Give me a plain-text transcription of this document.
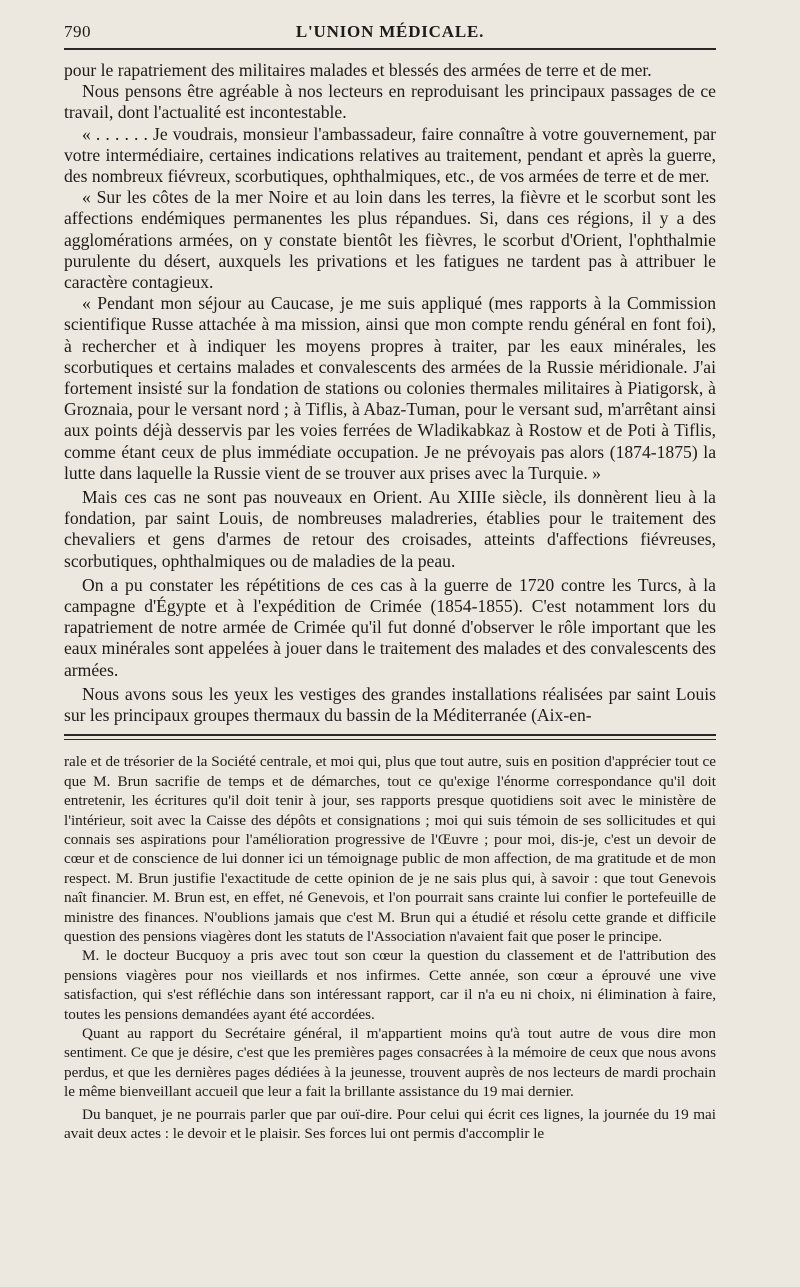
790	L'UNION MÉDICALE.

pour le rapatriement des militaires malades et blessés des armées de terre et de mer.

Nous pensons être agréable à nos lecteurs en reproduisant les principaux passages de ce travail, dont l'actualité est incontestable.

« . . . . . . Je voudrais, monsieur l'ambassadeur, faire connaître à votre gouvernement, par votre intermédiaire, certaines indications relatives au traitement, pendant et après la guerre, des nombreux fiévreux, scorbutiques, ophthalmiques, etc., de vos armées de terre et de mer.

« Sur les côtes de la mer Noire et au loin dans les terres, la fièvre et le scorbut sont les affections endémiques permanentes les plus répandues. Si, dans ces régions, il y a des agglomérations armées, on y constate bientôt les fièvres, le scorbut d'Orient, l'ophthalmie purulente du désert, auxquels les privations et les fatigues ne tardent pas à attribuer le caractère contagieux.

« Pendant mon séjour au Caucase, je me suis appliqué (mes rapports à la Commission scientifique Russe attachée à ma mission, ainsi que mon compte rendu général en font foi), à rechercher et à indiquer les moyens propres à traiter, par les eaux minérales, les scorbutiques et certains malades et convalescents des armées de la Russie méridionale. J'ai fortement insisté sur la fondation de stations ou colonies thermales militaires à Piatigorsk, à Groznaia, pour le versant nord ; à Tiflis, à Abaz-Tuman, pour le versant sud, m'arrêtant ainsi aux points déjà desservis par les voies ferrées de Wladikabkaz à Rostow et de Poti à Tiflis, comme étant ceux de plus immédiate occupation. Je ne prévoyais pas alors (1874-1875) la lutte dans laquelle la Russie vient de se trouver aux prises avec la Turquie. »

Mais ces cas ne sont pas nouveaux en Orient. Au XIIIe siècle, ils donnèrent lieu à la fondation, par saint Louis, de nombreuses maladreries, établies pour le traitement des chevaliers et gens d'armes de retour des croisades, atteints d'affections fiévreuses, scorbutiques, ophthalmiques ou de maladies de la peau.

On a pu constater les répétitions de ces cas à la guerre de 1720 contre les Turcs, à la campagne d'Égypte et à l'expédition de Crimée (1854-1855). C'est notamment lors du rapatriement de notre armée de Crimée qu'il fut donné d'observer le rôle important que les eaux minérales sont appelées à jouer dans le traitement des malades et des convalescents des armées.

Nous avons sous les yeux les vestiges des grandes installations réalisées par saint Louis sur les principaux groupes thermaux du bassin de la Méditerranée (Aix-en-

rale et de trésorier de la Société centrale, et moi qui, plus que tout autre, suis en position d'apprécier tout ce que M. Brun sacrifie de temps et de démarches, tout ce qu'exige l'énorme correspondance qu'il doit entretenir, les écritures qu'il doit tenir à jour, ses rapports presque quotidiens soit avec le ministère de l'intérieur, soit avec la Caisse des dépôts et consignations ; moi qui suis témoin de ses sollicitudes et qui connais ses aspirations pour l'amélioration progressive de l'Œuvre ; pour moi, dis-je, c'est un devoir de cœur et de conscience de lui donner ici un témoignage public de mon affection, de ma gratitude et de mon respect. M. Brun justifie l'exactitude de cette opinion de je ne sais plus qui, à savoir : que tout Genevois naît financier. M. Brun est, en effet, né Genevois, et l'on pourrait sans crainte lui confier le portefeuille de ministre des finances. N'oublions jamais que c'est M. Brun qui a étudié et résolu cette grande et difficile question des pensions viagères dont les statuts de l'Association n'avaient fait que poser le principe.

M. le docteur Bucquoy a pris avec tout son cœur la question du classement et de l'attribution des pensions viagères pour nos vieillards et nos infirmes. Cette année, son cœur a éprouvé une vive satisfaction, qui s'est réfléchie dans son intéressant rapport, car il n'a eu ni choix, ni élimination à faire, toutes les pensions demandées ayant été accordées.

Quant au rapport du Secrétaire général, il m'appartient moins qu'à tout autre de vous dire mon sentiment. Ce que je désire, c'est que les premières pages consacrées à la mémoire de ceux que nous avons perdus, et que les dernières pages dédiées à la jeunesse, trouvent auprès de nos lecteurs de mardi prochain le même bienveillant accueil que leur a fait la brillante assistance du 19 mai dernier.

Du banquet, je ne pourrais parler que par ouï-dire. Pour celui qui écrit ces lignes, la journée du 19 mai avait deux actes : le devoir et le plaisir. Ses forces lui ont permis d'accomplir le
